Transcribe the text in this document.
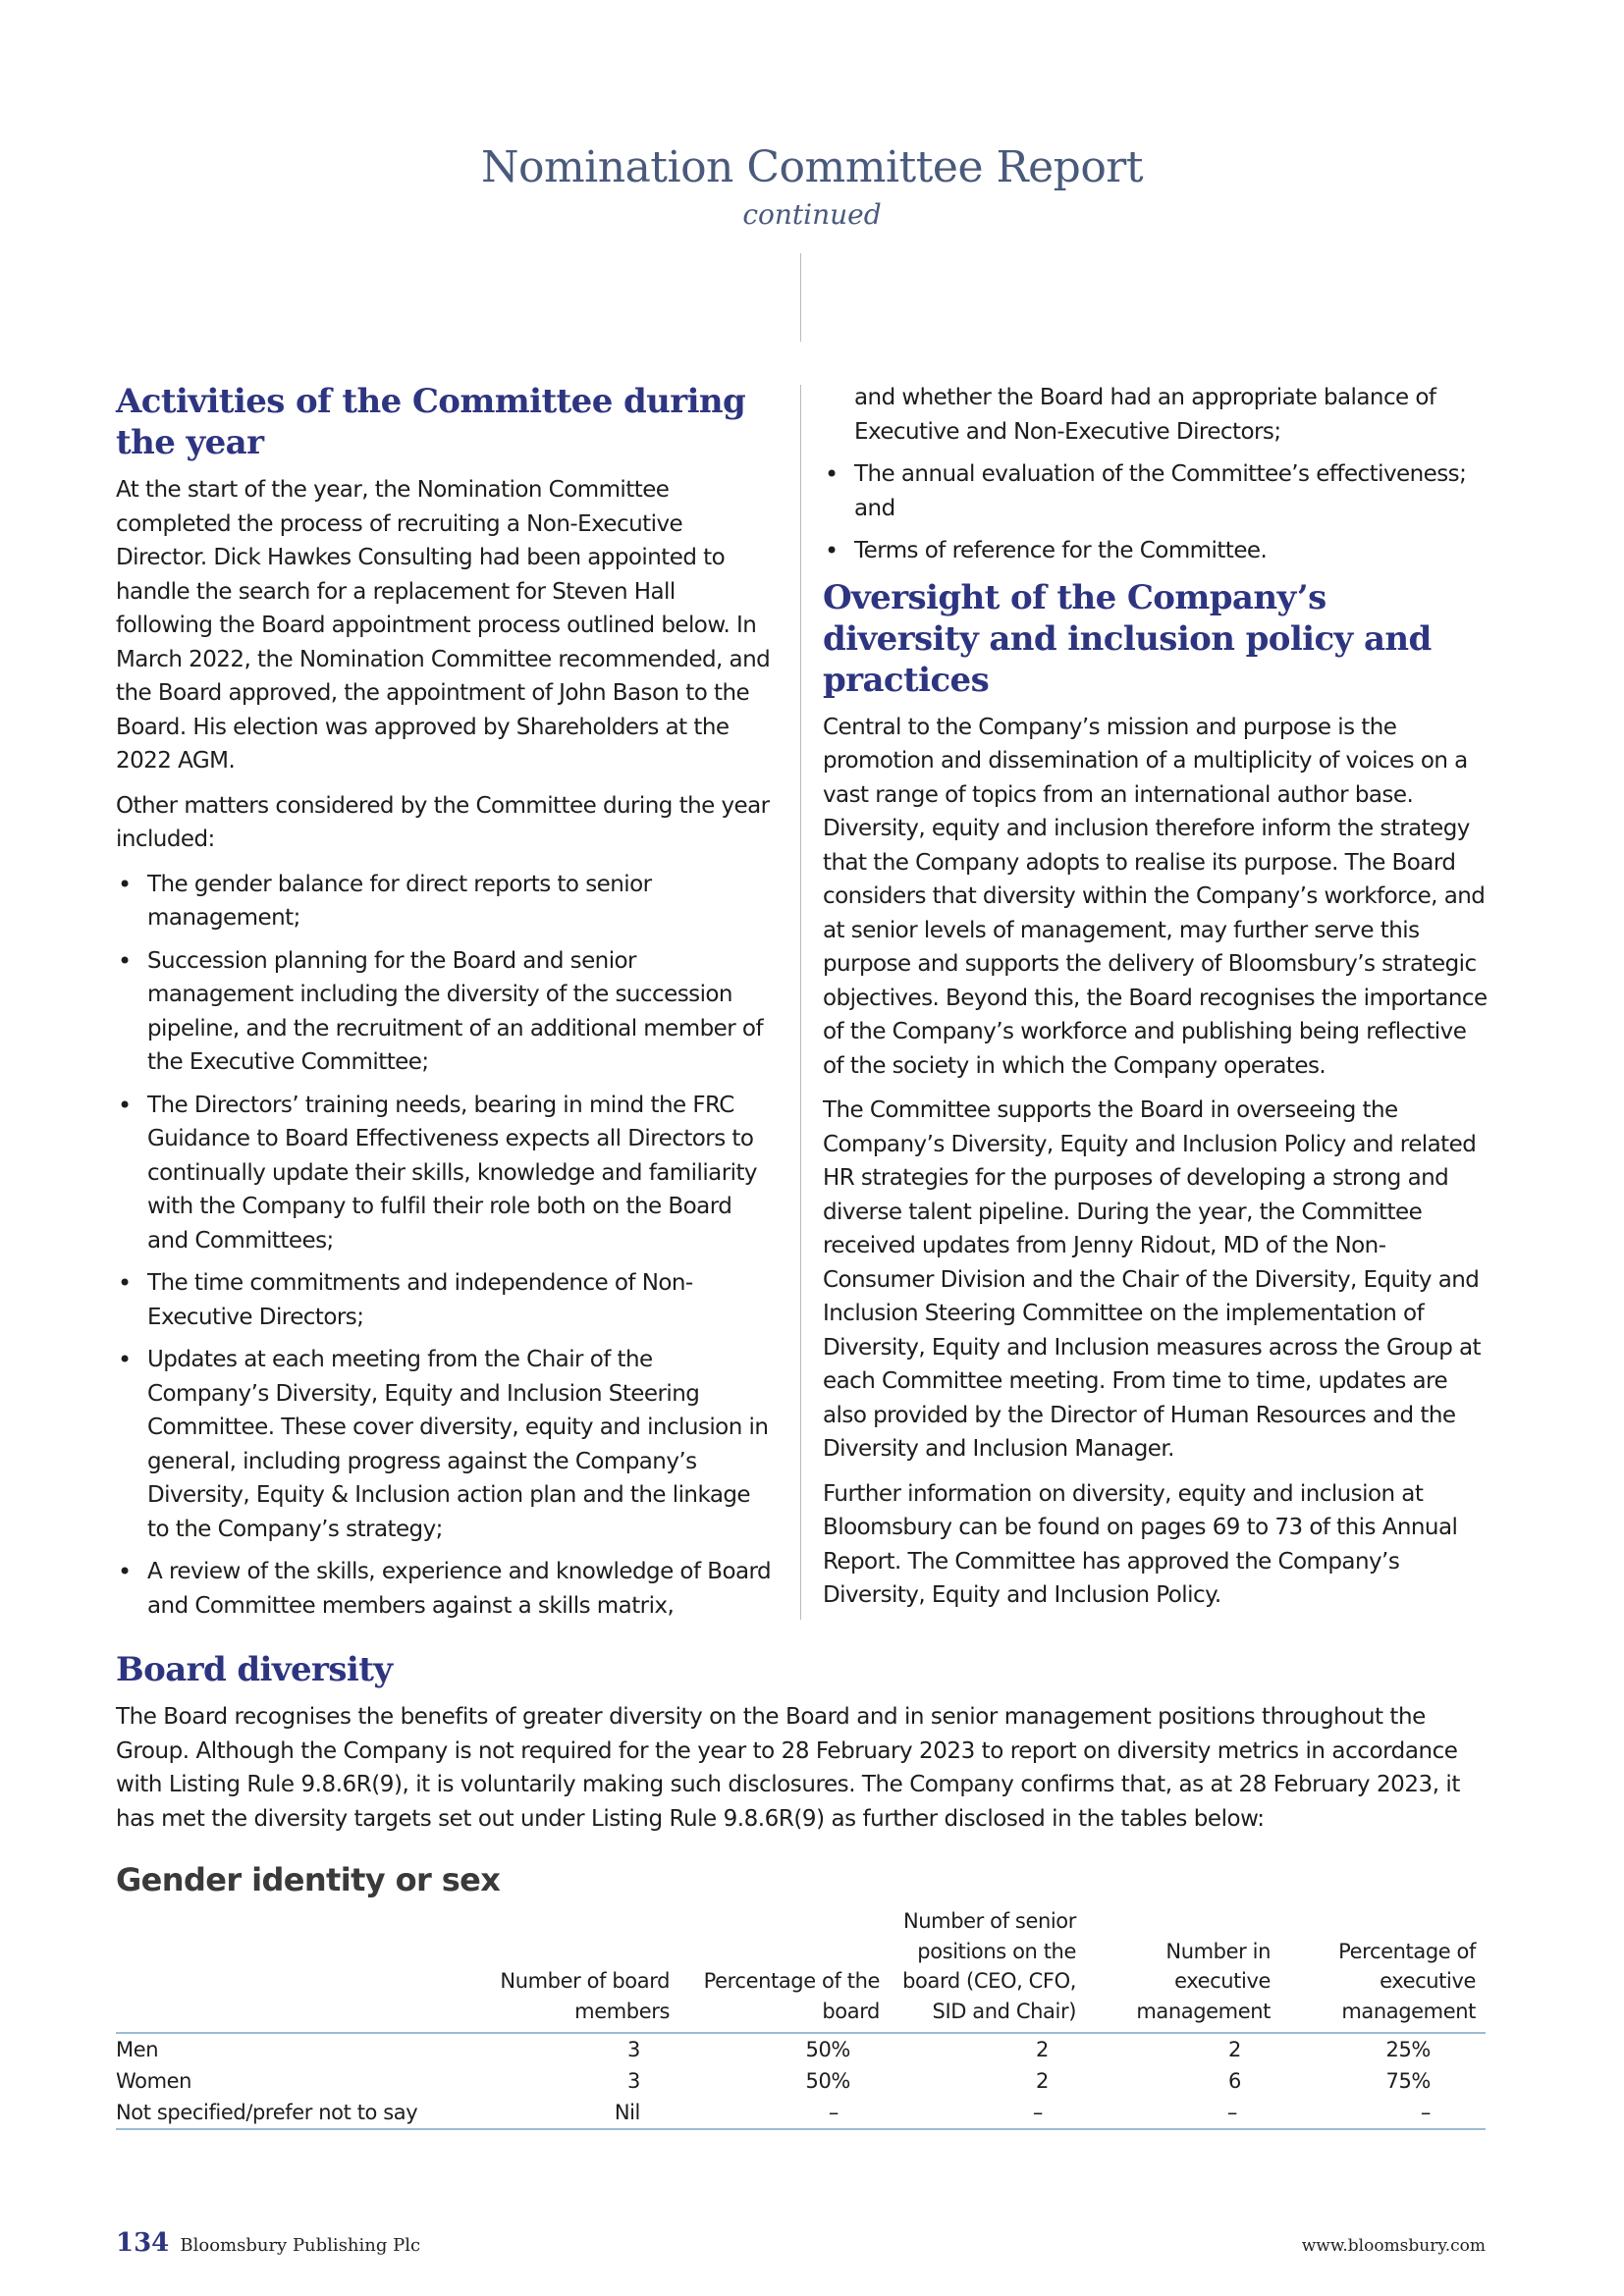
Nomination Committee Report
continued
Activities of the Committee during the year

At the start of the year, the Nomination Committee completed the process of recruiting a Non-Executive Director. Dick Hawkes Consulting had been appointed to handle the search for a replacement for Steven Hall following the Board appointment process outlined below. In March 2022, the Nomination Committee recommended, and the Board approved, the appointment of John Bason to the Board. His election was approved by Shareholders at the 2022 AGM.

Other matters considered by the Committee during the year included:

• The gender balance for direct reports to senior management;
• Succession planning for the Board and senior management including the diversity of the succession pipeline, and the recruitment of an additional member of the Executive Committee;
• The Directors’ training needs, bearing in mind the FRC Guidance to Board Effectiveness expects all Directors to continually update their skills, knowledge and familiarity with the Company to fulfil their role both on the Board and Committees;
• The time commitments and independence of Non-Executive Directors;
• Updates at each meeting from the Chair of the Company’s Diversity, Equity and Inclusion Steering Committee. These cover diversity, equity and inclusion in general, including progress against the Company’s Diversity, Equity & Inclusion action plan and the linkage to the Company’s strategy;
• A review of the skills, experience and knowledge of Board and Committee members against a skills matrix,
and whether the Board had an appropriate balance of Executive and Non-Executive Directors;
• The annual evaluation of the Committee’s effectiveness; and
• Terms of reference for the Committee.
Oversight of the Company’s diversity and inclusion policy and practices

Central to the Company’s mission and purpose is the promotion and dissemination of a multiplicity of voices on a vast range of topics from an international author base. Diversity, equity and inclusion therefore inform the strategy that the Company adopts to realise its purpose. The Board considers that diversity within the Company’s workforce, and at senior levels of management, may further serve this purpose and supports the delivery of Bloomsbury’s strategic objectives. Beyond this, the Board recognises the importance of the Company’s workforce and publishing being reflective of the society in which the Company operates.

The Committee supports the Board in overseeing the Company’s Diversity, Equity and Inclusion Policy and related HR strategies for the purposes of developing a strong and diverse talent pipeline. During the year, the Committee received updates from Jenny Ridout, MD of the Non-Consumer Division and the Chair of the Diversity, Equity and Inclusion Steering Committee on the implementation of Diversity, Equity and Inclusion measures across the Group at each Committee meeting. From time to time, updates are also provided by the Director of Human Resources and the Diversity and Inclusion Manager.

Further information on diversity, equity and inclusion at Bloomsbury can be found on pages 69 to 73 of this Annual Report. The Committee has approved the Company’s Diversity, Equity and Inclusion Policy.

Board diversity

The Board recognises the benefits of greater diversity on the Board and in senior management positions throughout the Group. Although the Company is not required for the year to 28 February 2023 to report on diversity metrics in accordance with Listing Rule 9.8.6R(9), it is voluntarily making such disclosures. The Company confirms that, as at 28 February 2023, it has met the diversity targets set out under Listing Rule 9.8.6R(9) as further disclosed in the tables below:

Gender identity or sex
	Number of board members	Percentage of the board	Number of senior positions on the board (CEO, CFO, SID and Chair)	Number in executive management	Percentage of executive management
Men	3	50%	2	2	25%
Women	3	50%	2	6	75%
Not specified/prefer not to say	Nil	–	–	–	–
134 Bloomsbury Publishing Plc	www.bloomsbury.com
